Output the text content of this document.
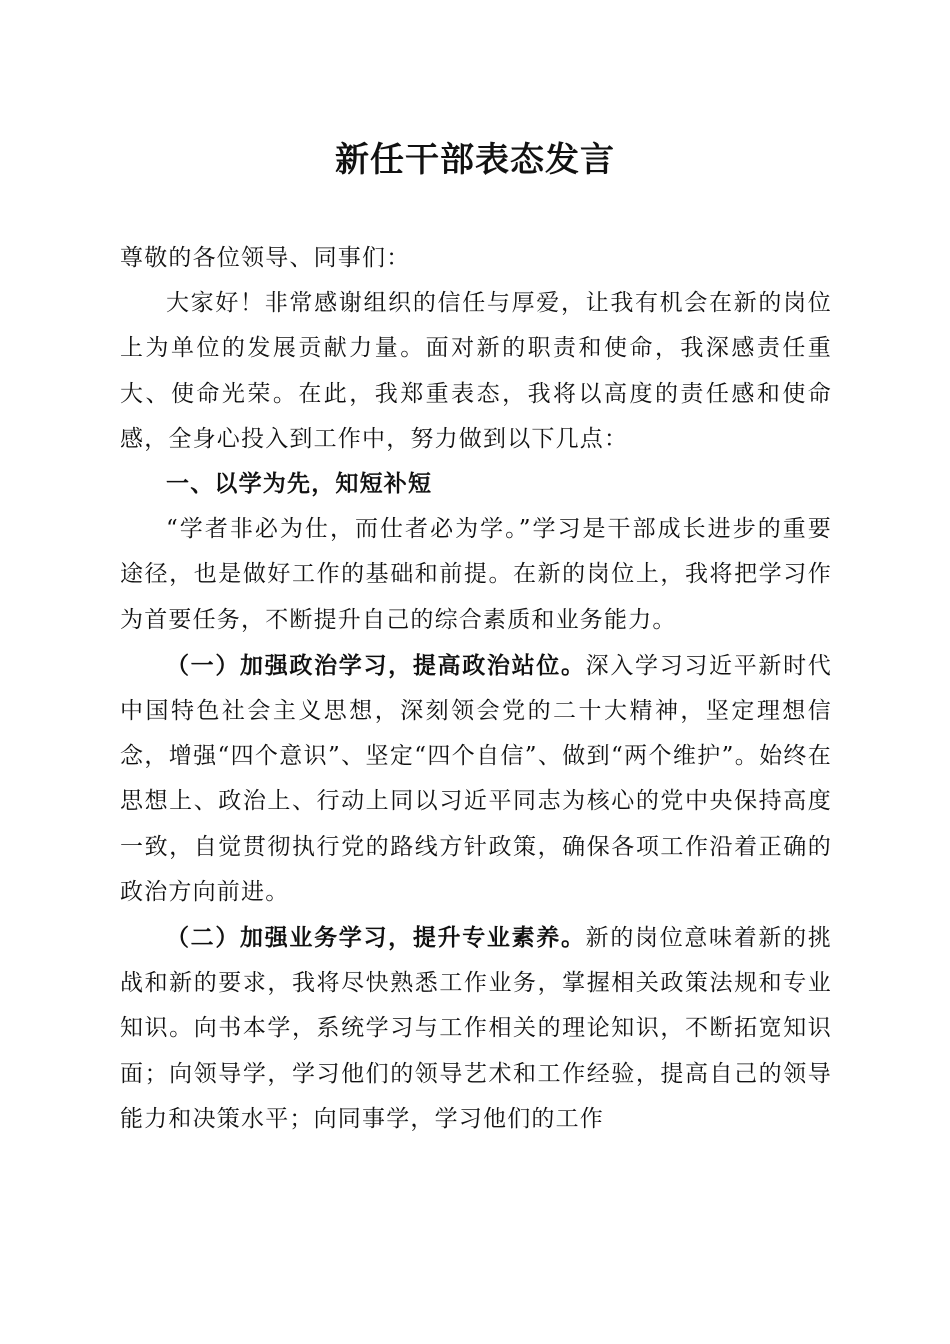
新任干部表态发言

尊敬的各位领导、同事们：

大家好！非常感谢组织的信任与厚爱，让我有机会在新的岗位上为单位的发展贡献力量。面对新的职责和使命，我深感责任重大、使命光荣。在此，我郑重表态，我将以高度的责任感和使命感，全身心投入到工作中，努力做到以下几点：

一、以学为先，知短补短

“学者非必为仕，而仕者必为学。”学习是干部成长进步的重要途径，也是做好工作的基础和前提。在新的岗位上，我将把学习作为首要任务，不断提升自己的综合素质和业务能力。

（一）加强政治学习，提高政治站位。深入学习习近平新时代中国特色社会主义思想，深刻领会党的二十大精神，坚定理想信念，增强“四个意识”、坚定“四个自信”、做到“两个维护”。始终在思想上、政治上、行动上同以习近平同志为核心的党中央保持高度一致，自觉贯彻执行党的路线方针政策，确保各项工作沿着正确的政治方向前进。

（二）加强业务学习，提升专业素养。新的岗位意味着新的挑战和新的要求，我将尽快熟悉工作业务，掌握相关政策法规和专业知识。向书本学，系统学习与工作相关的理论知识，不断拓宽知识面；向领导学，学习他们的领导艺术和工作经验，提高自己的领导能力和决策水平；向同事学，学习他们的工作
